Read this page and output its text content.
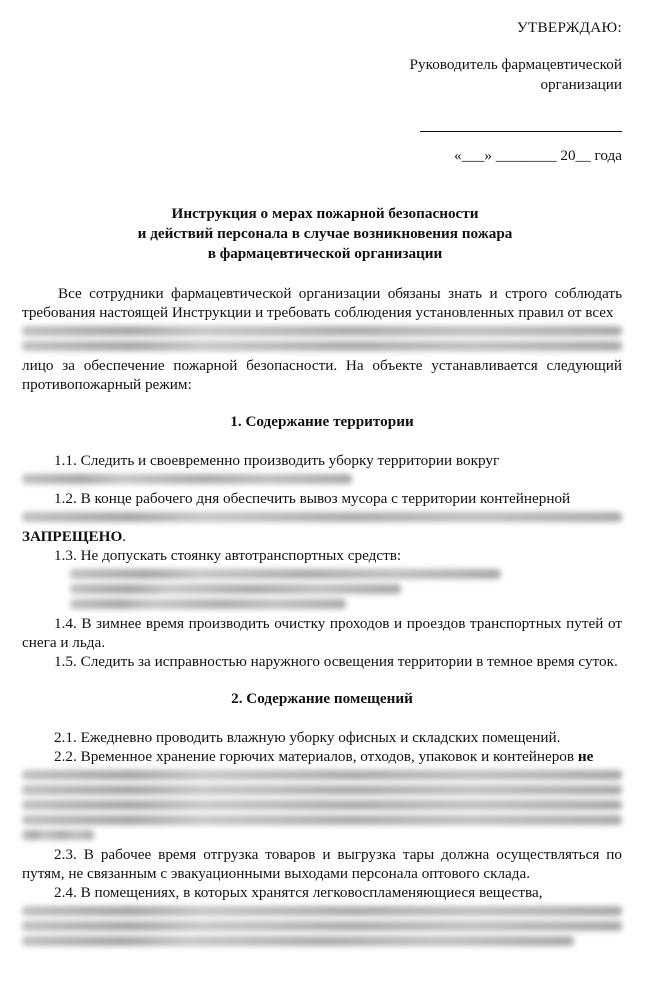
УТВЕРЖДАЮ:
Руководитель фармацевтической
организации
«___» ________ 20__ года
Инструкция о мерах пожарной безопасности
и действий персонала в случае возникновения пожара
в фармацевтической организации

Все сотрудники фармацевтической организации обязаны знать и строго соблюдать требования настоящей Инструкции и требовать соблюдения установленных правил от всех

лицо за обеспечение пожарной безопасности. На объекте устанавливается следующий противопожарный режим:

1. Содержание территории

1.1. Следить и своевременно производить уборку территории вокруг

1.2. В конце рабочего дня обеспечить вывоз мусора с территории контейнерной

ЗАПРЕЩЕНО.

1.3. Не допускать стоянку автотранспортных средств:

1.4. В зимнее время производить очистку проходов и проездов транспортных путей от снега и льда.

1.5. Следить за исправностью наружного освещения территории в темное время суток.

2. Содержание помещений

2.1. Ежедневно проводить влажную уборку офисных и складских помещений.

2.2. Временное хранение горючих материалов, отходов, упаковок и контейнеров не

2.3. В рабочее время отгрузка товаров и выгрузка тары должна осуществляться по путям, не связанным с эвакуационными выходами персонала оптового склада.

2.4. В помещениях, в которых хранятся легковоспламеняющиеся вещества,
